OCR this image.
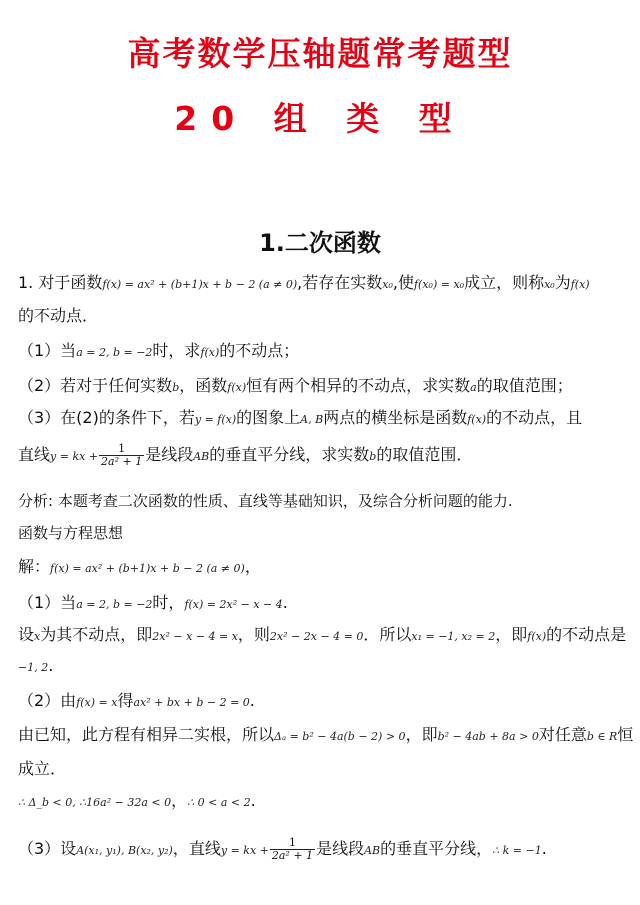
高考数学压轴题常考题型
20 组 类 型
1.二次函数
1. 对于函数f(x) = ax² + (b+1)x + b − 2 (a ≠ 0),若存在实数x₀,使f(x₀) = x₀成立，则称x₀为f(x)
的不动点．
（1）当a = 2, b = −2时，求f(x)的不动点；
（2）若对于任何实数b，函数f(x)恒有两个相异的不动点，求实数a的取值范围；
（3）在(2)的条件下，若y = f(x)的图象上A, B两点的横坐标是函数f(x)的不动点，且
直线y = kx + $\frac{1}{\text{2a² + 1}}$ 是线段AB的垂直平分线，求实数b的取值范围．
分析: 本题考查二次函数的性质、直线等基础知识，及综合分析问题的能力.
函数与方程思想
解：f(x) = ax² + (b+1)x + b − 2 (a ≠ 0)，
（1）当a = 2, b = −2时，f(x) = 2x² − x − 4.
设x为其不动点，即2x² − x − 4 = x，则2x² − 2x − 4 = 0．所以x₁ = −1, x₂ = 2，即f(x)的不动点是
−1, 2.
（2）由f(x) = x得ax² + bx + b − 2 = 0.
由已知，此方程有相异二实根，所以Δₐ = b² − 4a(b − 2) > 0，即b² − 4ab + 8a > 0对任意b ∈ R恒
成立．
∴ Δ_b < 0, ∴16a² − 32a < 0，∴ 0 < a < 2.
（3）设A(x₁, y₁), B(x₂, y₂)，直线y = kx + $\frac{1}{\text{2a² + 1}}$ 是线段AB的垂直平分线，∴ k = −1.
